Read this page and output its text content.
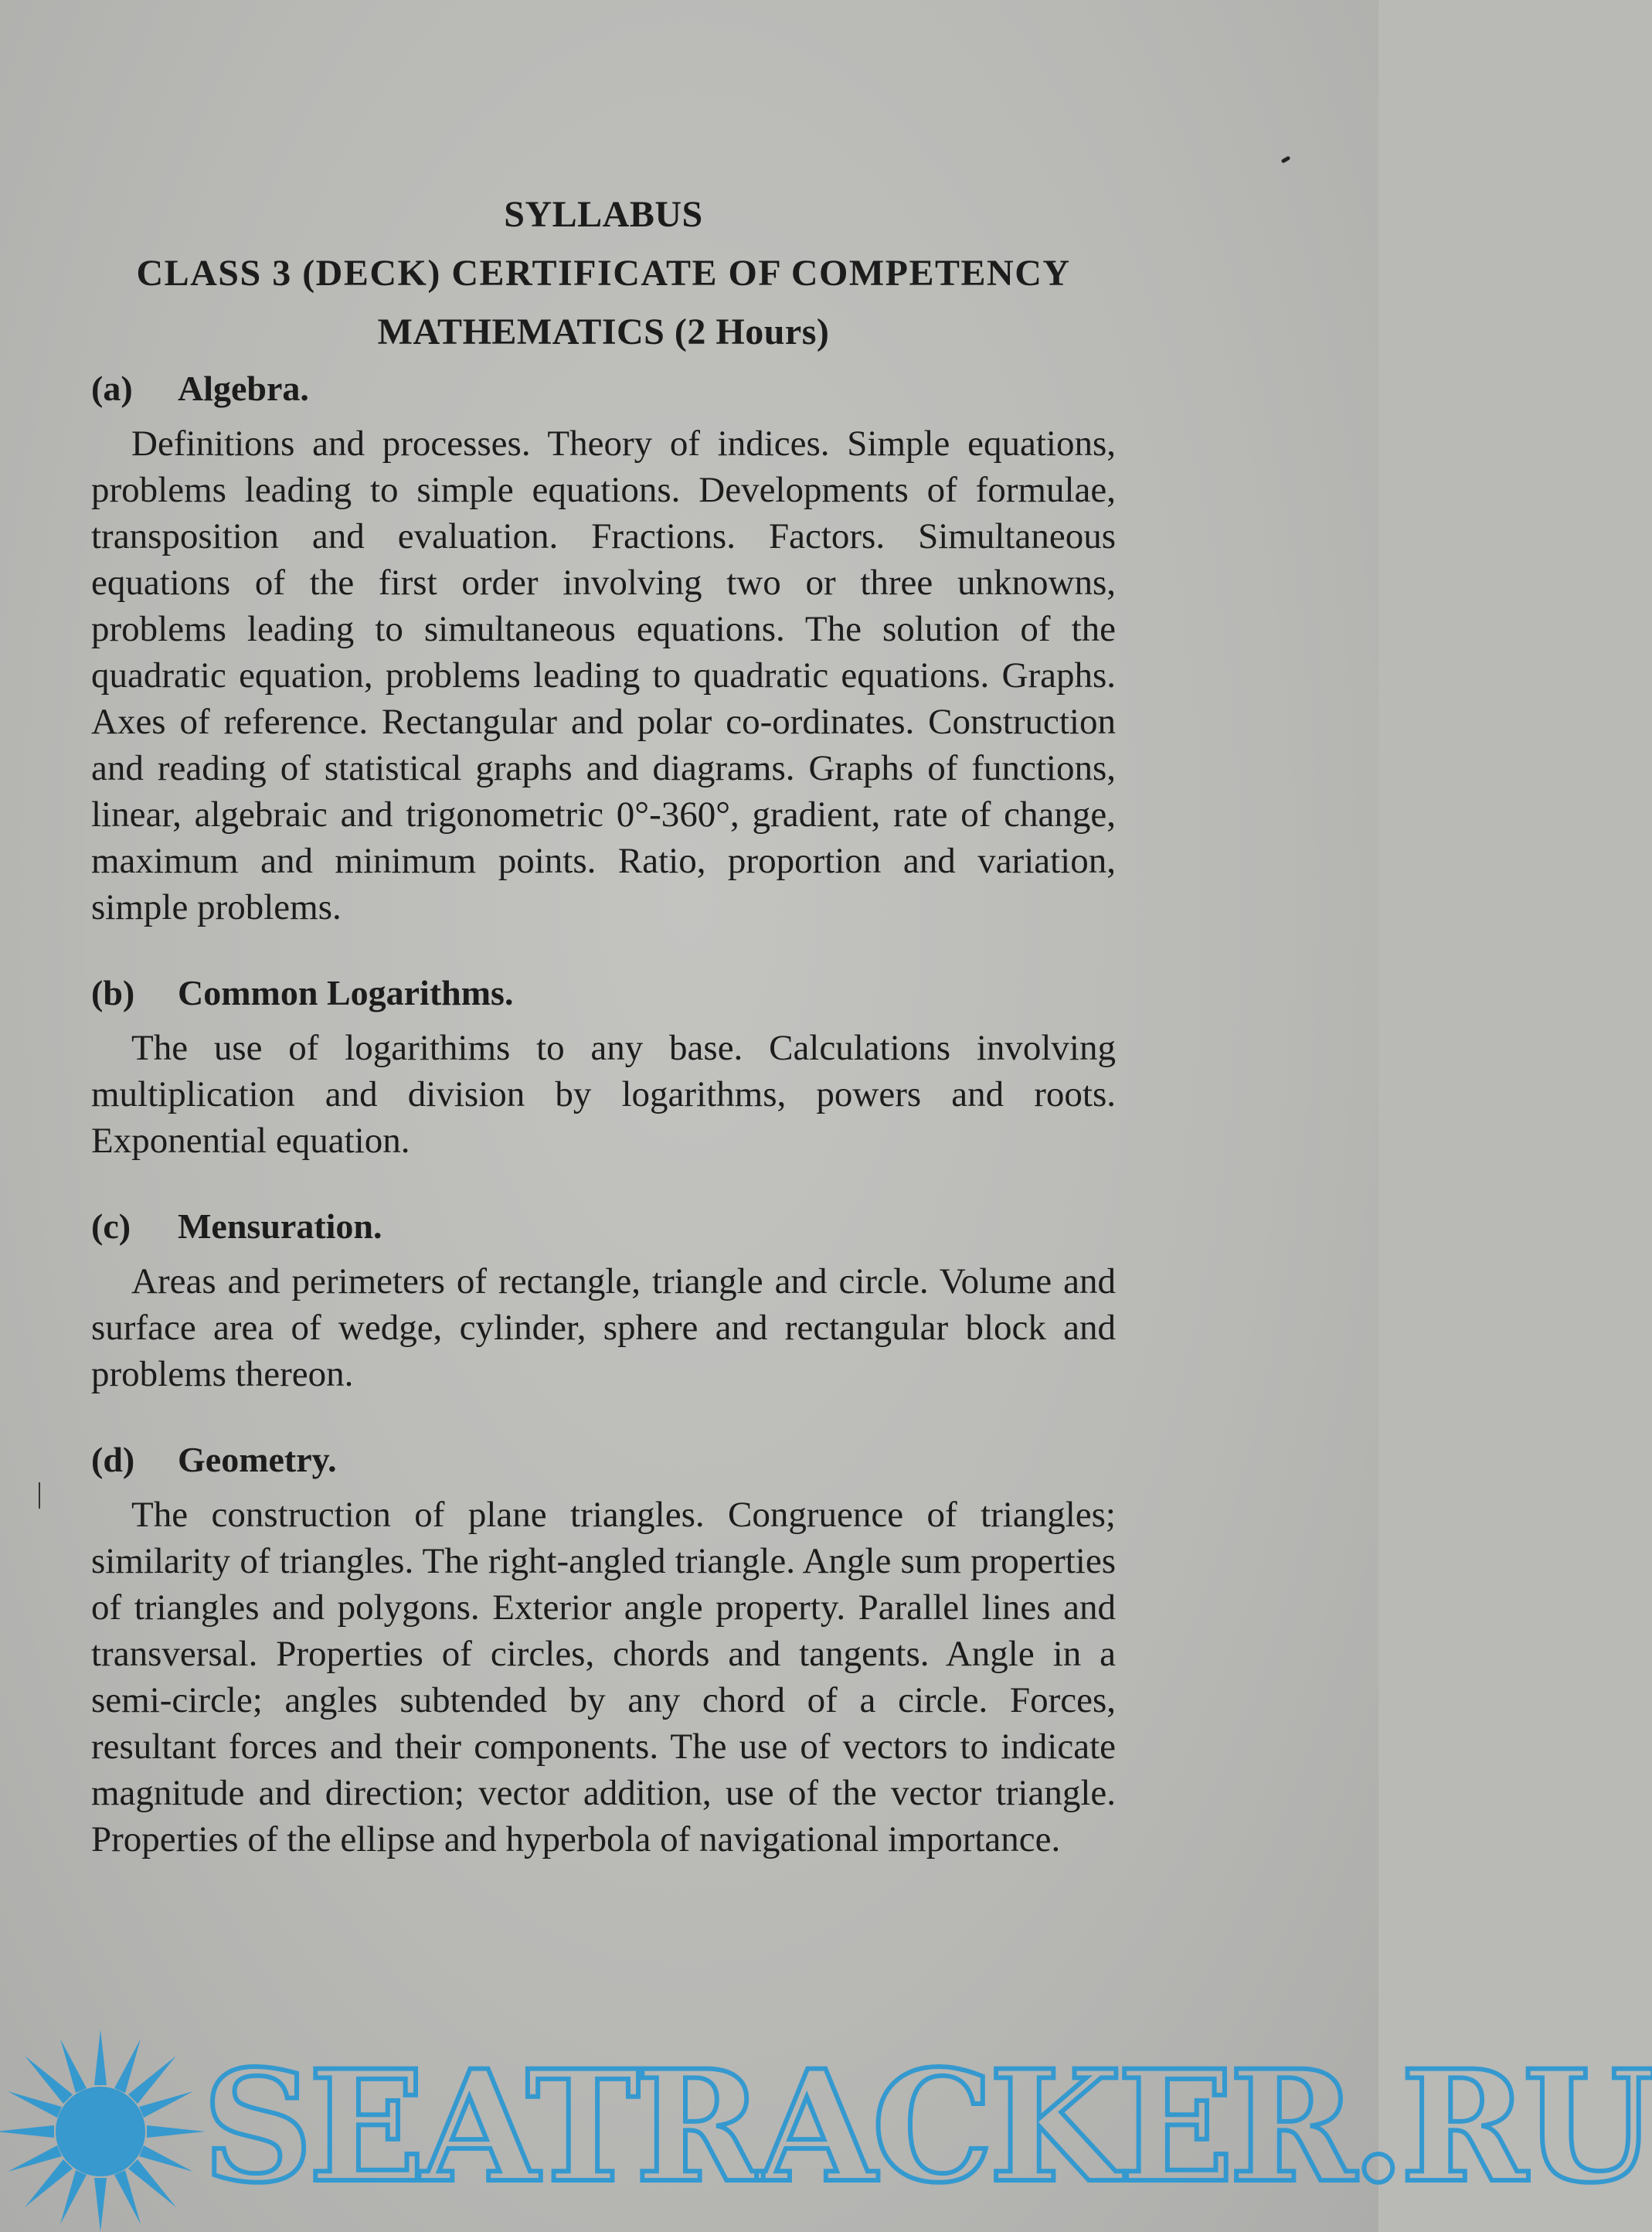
SYLLABUS

CLASS 3 (DECK) CERTIFICATE OF COMPETENCY

MATHEMATICS (2 Hours)

(a) Algebra.

Definitions and processes. Theory of indices. Simple equations, problems leading to simple equations. Developments of formulae, transposition and evaluation. Fractions. Factors. Simultaneous equations of the first order involving two or three unknowns, problems leading to simultaneous equations. The solution of the quadratic equation, problems leading to quadratic equations. Graphs. Axes of reference. Rectangular and polar co-ordinates. Construction and reading of statistical graphs and diagrams. Graphs of functions, linear, algebraic and trigonometric 0°-360°, gradient, rate of change, maximum and minimum points. Ratio, proportion and variation, simple problems.

(b) Common Logarithms.

The use of logarithims to any base. Calculations involving multiplication and division by logarithms, powers and roots. Exponential equation.

(c) Mensuration.

Areas and perimeters of rectangle, triangle and circle. Volume and surface area of wedge, cylinder, sphere and rectangular block and problems thereon.

(d) Geometry.

The construction of plane triangles. Congruence of triangles; similarity of triangles. The right-angled triangle. Angle sum properties of triangles and polygons. Exterior angle property. Parallel lines and transversal. Properties of circles, chords and tangents. Angle in a semi-circle; angles subtended by any chord of a circle. Forces, resultant forces and their components. The use of vectors to indicate magnitude and direction; vector addition, use of the vector triangle. Properties of the ellipse and hyperbola of navigational importance.

SEATRACKER.RU
